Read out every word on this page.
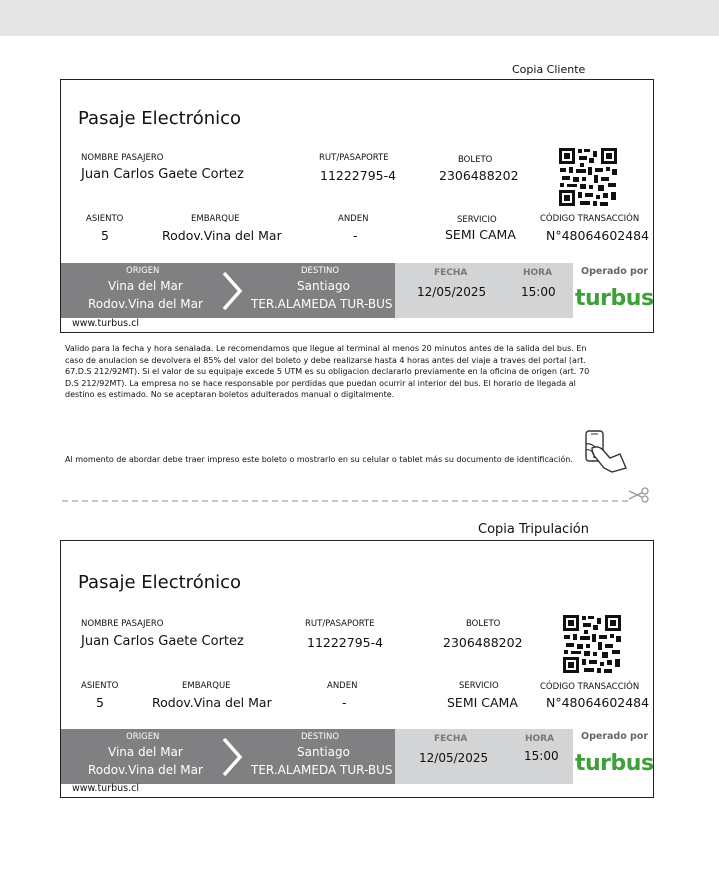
Copia Cliente
Pasaje Electrónico
NOMBRE PASAJERO
Juan Carlos Gaete Cortez
RUT/PASAPORTE
11222795-4
BOLETO
2306488202
ASIENTO
5
EMBARQUE
Rodov.Vina del Mar
ANDEN
-
SERVICIO
SEMI CAMA
CÓDIGO TRANSACCIÓN
N°48064602484
ORIGEN
Vina del Mar
Rodov.Vina del Mar
DESTINO
Santiago
TER.ALAMEDA TUR-BUS
FECHA
12/05/2025
HORA
15:00
Operado por
turbus
www.turbus.cl
Valido para la fecha y hora senalada. Le recomendamos que llegue al terminal al menos 20 minutos antes de la salida del bus. En caso de anulacion se devolvera el 85% del valor del boleto y debe realizarse hasta 4 horas antes del viaje a traves del portal (art. 67.D.S 212/92MT). Si el valor de su equipaje excede 5 UTM es su obligacion declararlo previamente en la oficina de origen (art. 70 D.S 212/92MT). La empresa no se hace responsable por perdidas que puedan ocurrir al interior del bus. El horario de llegada al destino es estimado. No se aceptaran boletos adulterados manual o digitalmente.
Al momento de abordar debe traer impreso este boleto o mostrarlo en su celular o tablet más su documento de identificación.
Copia Tripulación
Pasaje Electrónico
NOMBRE PASAJERO
Juan Carlos Gaete Cortez
RUT/PASAPORTE
11222795-4
BOLETO
2306488202
ASIENTO
5
EMBARQUE
Rodov.Vina del Mar
ANDEN
-
SERVICIO
SEMI CAMA
CÓDIGO TRANSACCIÓN
N°48064602484
ORIGEN
Vina del Mar
Rodov.Vina del Mar
DESTINO
Santiago
TER.ALAMEDA TUR-BUS
FECHA
12/05/2025
HORA
15:00
Operado por
turbus
www.turbus.cl
